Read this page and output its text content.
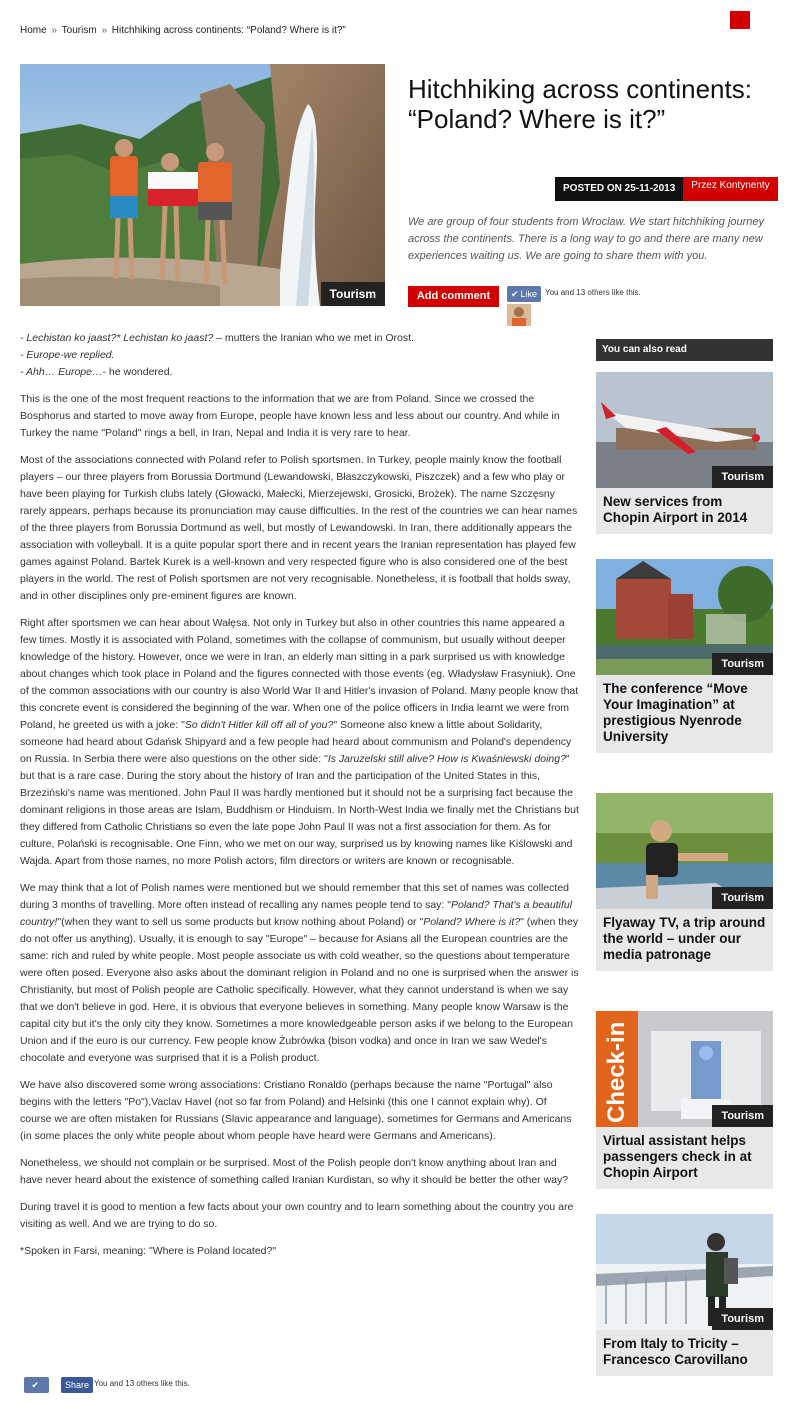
Home » Tourism » Hitchhiking across continents: “Poland? Where is it?”
Tourism
Hitchhiking across continents: “Poland? Where is it?”
POSTED ON 25-11-2013	Przez Kontynenty

We are group of four students from Wroclaw. We start hitchhiking journey across the continents. There is a long way to go and there are many new experiences waiting us. We are going to share them with you.

Add comment	✔ Like You and 13 others like this.

- Lechistan ko jaast?* Lechistan ko jaast? – mutters the Iranian who we met in Orost.

- Europe-we replied.

- Ahh… Europe…- he wondered.

This is the one of the most frequent reactions to the information that we are from Poland. Since we crossed the Bosphorus and started to move away from Europe, people have known less and less about our country. And while in Turkey the name "Poland" rings a bell, in Iran, Nepal and India it is very rare to hear.

Most of the associations connected with Poland refer to Polish sportsmen. In Turkey, people mainly know the football players – our three players from Borussia Dortmund (Lewandowski, Błaszczykowski, Piszczek) and a few who play or have been playing for Turkish clubs lately (Głowacki, Małecki, Mierzejewski, Grosicki, Brożek). The name Szczęsny rarely appears, perhaps because its pronunciation may cause difficulties. In the rest of the countries we can hear names of the three players from Borussia Dortmund as well, but mostly of Lewandowski. In Iran, there additionally appears the association with volleyball. It is a quite popular sport there and in recent years the Iranian representation has played few games against Poland. Bartek Kurek is a well-known and very respected figure who is also considered one of the best players in the world. The rest of Polish sportsmen are not very recognisable. Nonetheless, it is football that holds sway, and in other disciplines only pre-eminent figures are known.

Right after sportsmen we can hear about Wałęsa. Not only in Turkey but also in other countries this name appeared a few times. Mostly it is associated with Poland, sometimes with the collapse of communism, but usually without deeper knowledge of the history. However, once we were in Iran, an elderly man sitting in a park surprised us with knowledge about changes which took place in Poland and the figures connected with those events (eg. Władysław Frasyniuk). One of the common associations with our country is also World War II and Hitler's invasion of Poland. Many people know that this concrete event is considered the beginning of the war. When one of the police officers in India learnt we were from Poland, he greeted us with a joke: "So didn't Hitler kill off all of you?" Someone also knew a little about Solidarity, someone had heard about Gdańsk Shipyard and a few people had heard about communism and Poland's dependency on Russia. In Serbia there were also questions on the other side: "Is Jaruzelski still alive? How is Kwaśniewski doing?" but that is a rare case. During the story about the history of Iran and the participation of the United States in this, Brzeziński's name was mentioned. John Paul II was hardly mentioned but it should not be a surprising fact because the dominant religions in those areas are Islam, Buddhism or Hinduism. In North-West India we finally met the Christians but they differed from Catholic Christians so even the late pope John Paul II was not a first association for them. As for culture, Polański is recognisable. One Finn, who we met on our way, surprised us by knowing names like Kiślowski and Wajda. Apart from those names, no more Polish actors, film directors or writers are known or recognisable.

We may think that a lot of Polish names were mentioned but we should remember that this set of names was collected during 3 months of travelling. More often instead of recalling any names people tend to say: "Poland? That's a beautiful country!"(when they want to sell us some products but know nothing about Poland) or "Poland? Where is it?" (when they do not offer us anything). Usually, it is enough to say "Europe" – because for Asians all the European countries are the same: rich and ruled by white people. Most people associate us with cold weather, so the questions about temperature were often posed. Everyone also asks about the dominant religion in Poland and no one is surprised when the answer is Christianity, but most of Polish people are Catholic specifically. However, what they cannot understand is when we say that we don't believe in god. Here, it is obvious that everyone believes in something. Many people know Warsaw is the capital city but it's the only city they know. Sometimes a more knowledgeable person asks if we belong to the European Union and if the euro is our currency. Few people know Żubrówka (bison vodka) and once in Iran we saw Wedel's chocolate and everyone was surprised that it is a Polish product.

We have also discovered some wrong associations: Cristiano Ronaldo (perhaps because the name "Portugal" also begins with the letters "Po"),Vaclav Havel (not so far from Poland) and Helsinki (this one I cannot explain why). Of course we are often mistaken for Russians (Slavic appearance and language), sometimes for Germans and Americans (in some places the only white people about whom people have heard were Germans and Americans).

Nonetheless, we should not complain or be surprised. Most of the Polish people don't know anything about Iran and have never heard about the existence of something called Iranian Kurdistan, so why it should be better the other way?

During travel it is good to mention a few facts about your own country and to learn something about the country you are visiting as well. And we are trying to do so.

*Spoken in Farsi, meaning: "Where is Poland located?"

✔Like
Share You and 13 others like this.
You can also read
Tourism
New services from Chopin Airport in 2014
Tourism
The conference “Move Your Imagination” at prestigious Nyenrode University
Tourism
Flyaway TV, a trip around the world – under our media patronage
Check-in	Tourism
Virtual assistant helps passengers check in at Chopin Airport
Tourism
From Italy to Tricity – Francesco Carovillano
